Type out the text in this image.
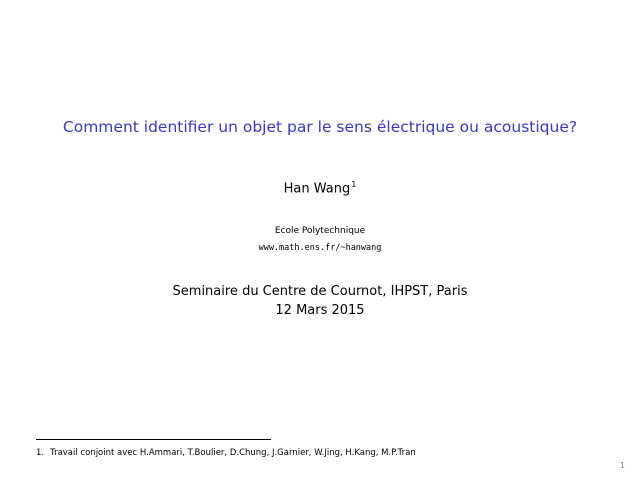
Comment identifier un objet par le sens électrique ou acoustique?
Han Wang$^1$
Ecole Polytechnique
www.math.ens.fr/~hanwang
Seminaire du Centre de Cournot, IHPST, Paris
12 Mars 2015
1. Travail conjoint avec H.Ammari, T.Boulier, D.Chung, J.Garnier, W.Jing, H.Kang, M.P.Tran
1
